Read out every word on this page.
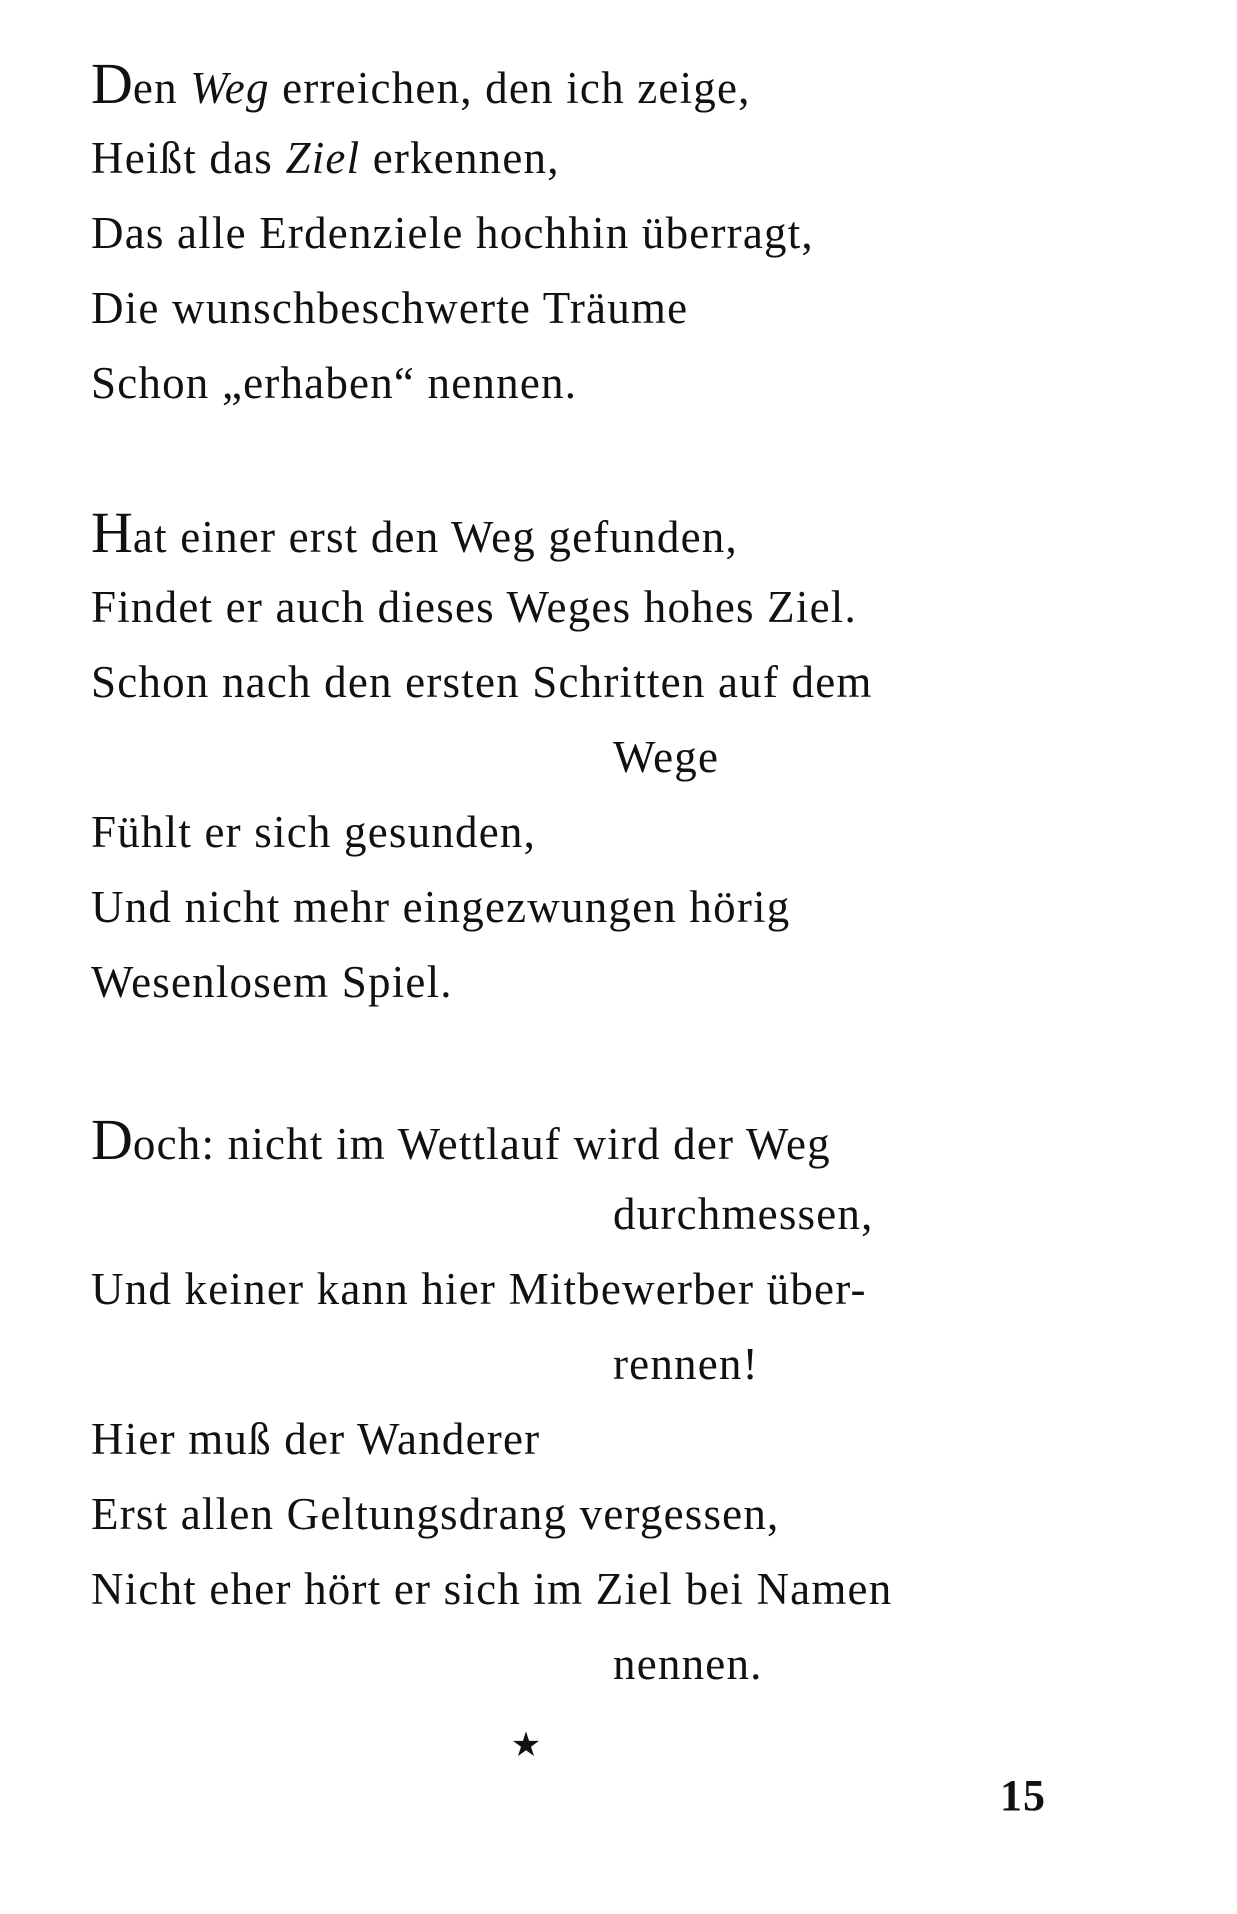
Den Weg erreichen, den ich zeige,
Heißt das Ziel erkennen,
Das alle Erdenziele hochhin überragt,
Die wunschbeschwerte Träume
Schon „erhaben“ nennen.
Hat einer erst den Weg gefunden,
Findet er auch dieses Weges hohes Ziel.
Schon nach den ersten Schritten auf dem
Wege
Fühlt er sich gesunden,
Und nicht mehr eingezwungen hörig
Wesenlosem Spiel.
Doch: nicht im Wettlauf wird der Weg
durchmessen,
Und keiner kann hier Mitbewerber über-
rennen!
Hier muß der Wanderer
Erst allen Geltungsdrang vergessen,
Nicht eher hört er sich im Ziel bei Namen
nennen.
★
15
